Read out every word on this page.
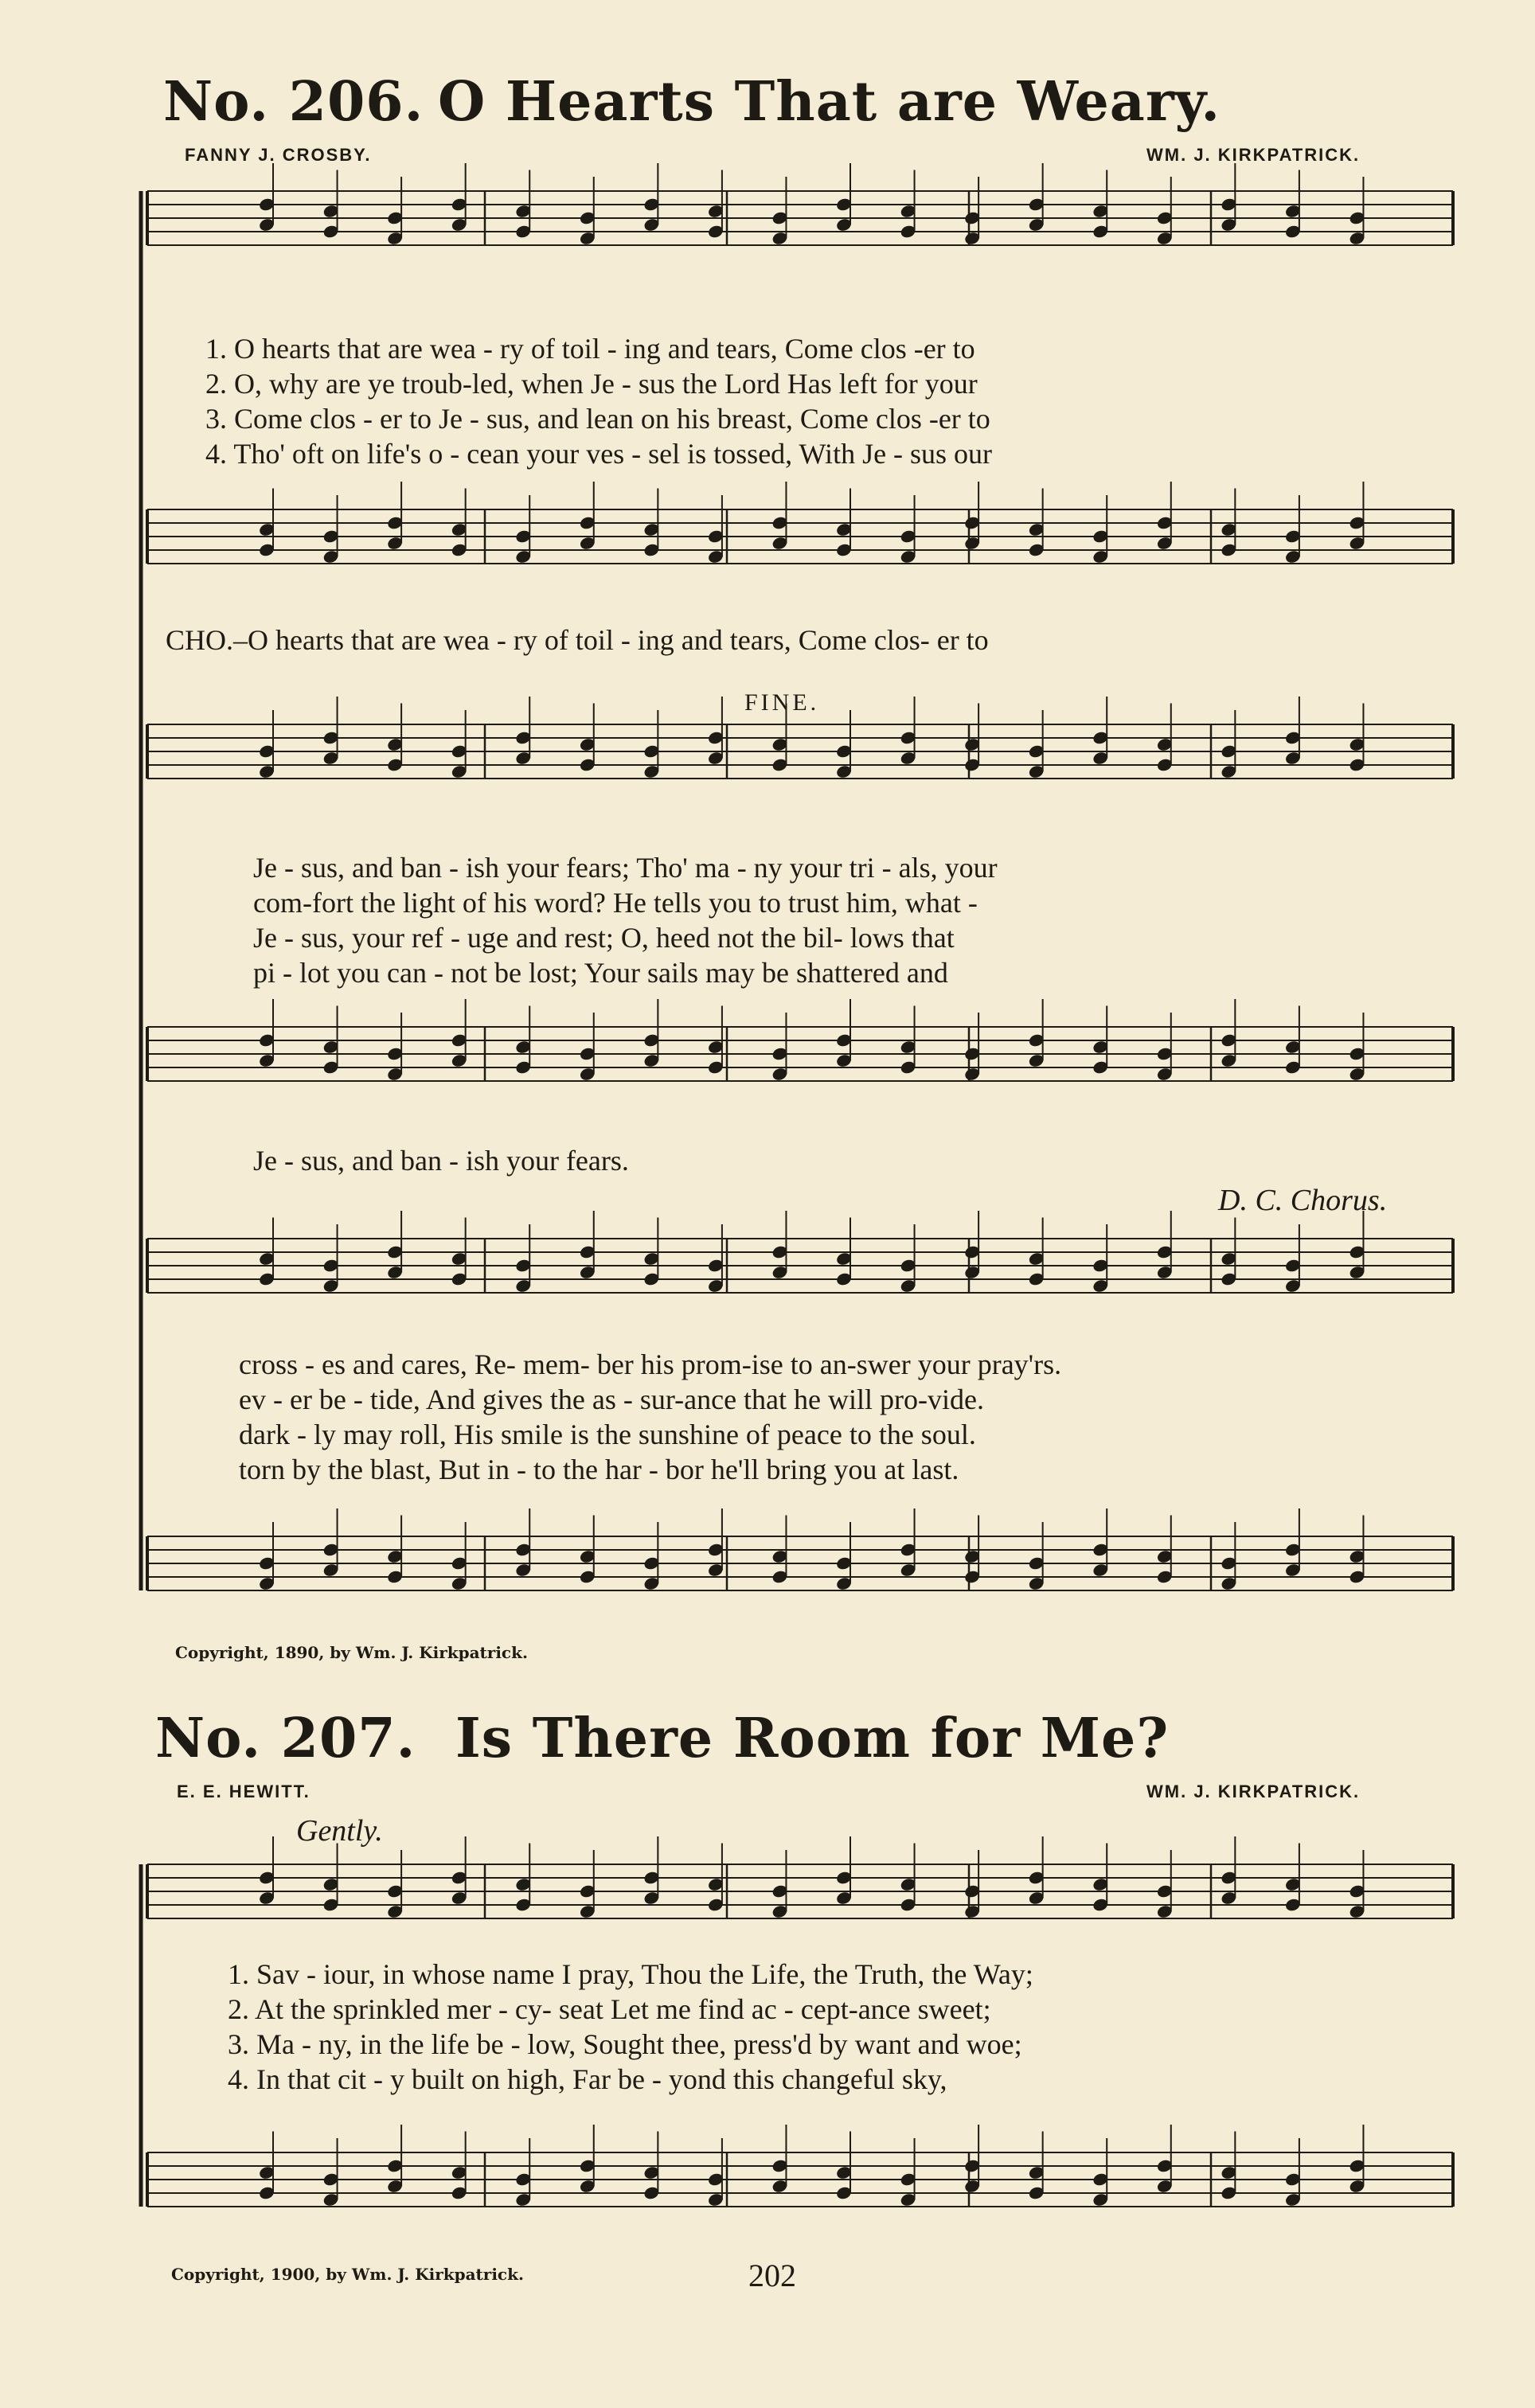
No. 206. O Hearts That are Weary.
FANNY J. CROSBY.	WM. J. KIRKPATRICK.
1. O hearts that are wea - ry of toil - ing and tears, Come clos -er to
2. O, why are ye troub-led, when Je - sus the Lord Has left for your
3. Come clos - er to Je - sus, and lean on his breast, Come clos -er to
4. Tho' oft on life's o - cean your ves - sel is tossed, With Je - sus our
CHO.–O hearts that are wea - ry of toil - ing and tears, Come clos- er to
FINE.
Je - sus, and ban - ish your fears; Tho' ma - ny your tri - als, your
com-fort the light of his word? He tells you to trust him, what -
Je - sus, your ref - uge and rest; O, heed not the bil- lows that
pi - lot you can - not be lost; Your sails may be shattered and
Je - sus, and ban - ish your fears.
D. C. Chorus.
cross - es and cares, Re- mem- ber his prom-ise to an-swer your pray'rs.
ev - er be - tide, And gives the as - sur-ance that he will pro-vide.
dark - ly may roll, His smile is the sunshine of peace to the soul.
torn by the blast, But in - to the har - bor he'll bring you at last.
Copyright, 1890, by Wm. J. Kirkpatrick.
No. 207. Is There Room for Me?
E. E. HEWITT.	WM. J. KIRKPATRICK.
Gently.
1. Sav - iour, in whose name I pray, Thou the Life, the Truth, the Way;
2. At the sprinkled mer - cy- seat Let me find ac - cept-ance sweet;
3. Ma - ny, in the life be - low, Sought thee, press'd by want and woe;
4. In that cit - y built on high, Far be - yond this changeful sky,
Copyright, 1900, by Wm. J. Kirkpatrick.	202
